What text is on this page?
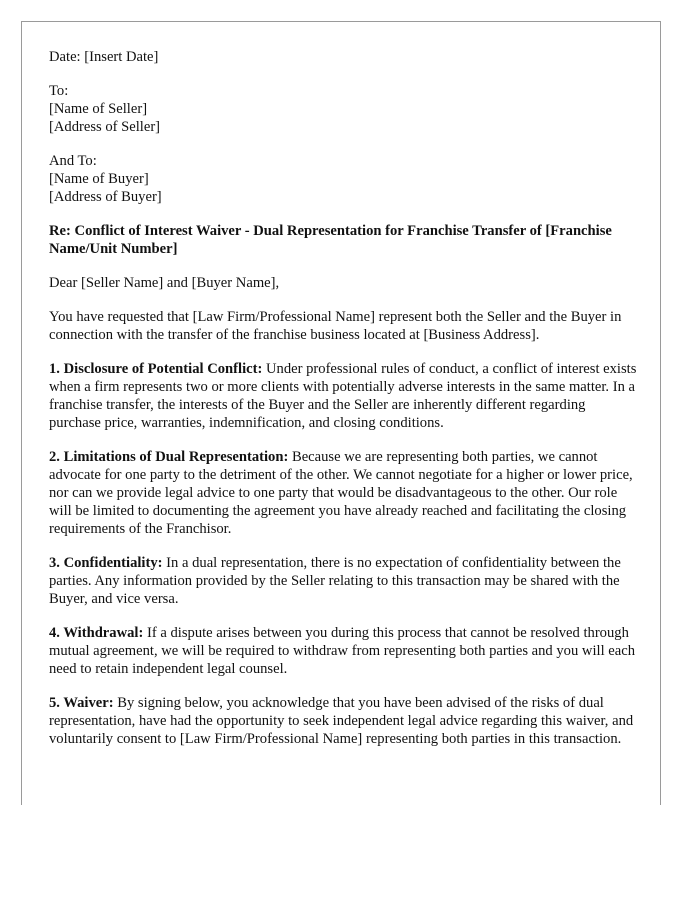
Date: [Insert Date]
To:
[Name of Seller]
[Address of Seller]
And To:
[Name of Buyer]
[Address of Buyer]
Re: Conflict of Interest Waiver - Dual Representation for Franchise Transfer of [Franchise Name/Unit Number]

Dear [Seller Name] and [Buyer Name],

You have requested that [Law Firm/Professional Name] represent both the Seller and the Buyer in connection with the transfer of the franchise business located at [Business Address].

1. Disclosure of Potential Conflict: Under professional rules of conduct, a conflict of interest exists when a firm represents two or more clients with potentially adverse interests in the same matter. In a franchise transfer, the interests of the Buyer and the Seller are inherently different regarding purchase price, warranties, indemnification, and closing conditions.

2. Limitations of Dual Representation: Because we are representing both parties, we cannot advocate for one party to the detriment of the other. We cannot negotiate for a higher or lower price, nor can we provide legal advice to one party that would be disadvantageous to the other. Our role will be limited to documenting the agreement you have already reached and facilitating the closing requirements of the Franchisor.

3. Confidentiality: In a dual representation, there is no expectation of confidentiality between the parties. Any information provided by the Seller relating to this transaction may be shared with the Buyer, and vice versa.

4. Withdrawal: If a dispute arises between you during this process that cannot be resolved through mutual agreement, we will be required to withdraw from representing both parties and you will each need to retain independent legal counsel.

5. Waiver: By signing below, you acknowledge that you have been advised of the risks of dual representation, have had the opportunity to seek independent legal advice regarding this waiver, and voluntarily consent to [Law Firm/Professional Name] representing both parties in this transaction.
